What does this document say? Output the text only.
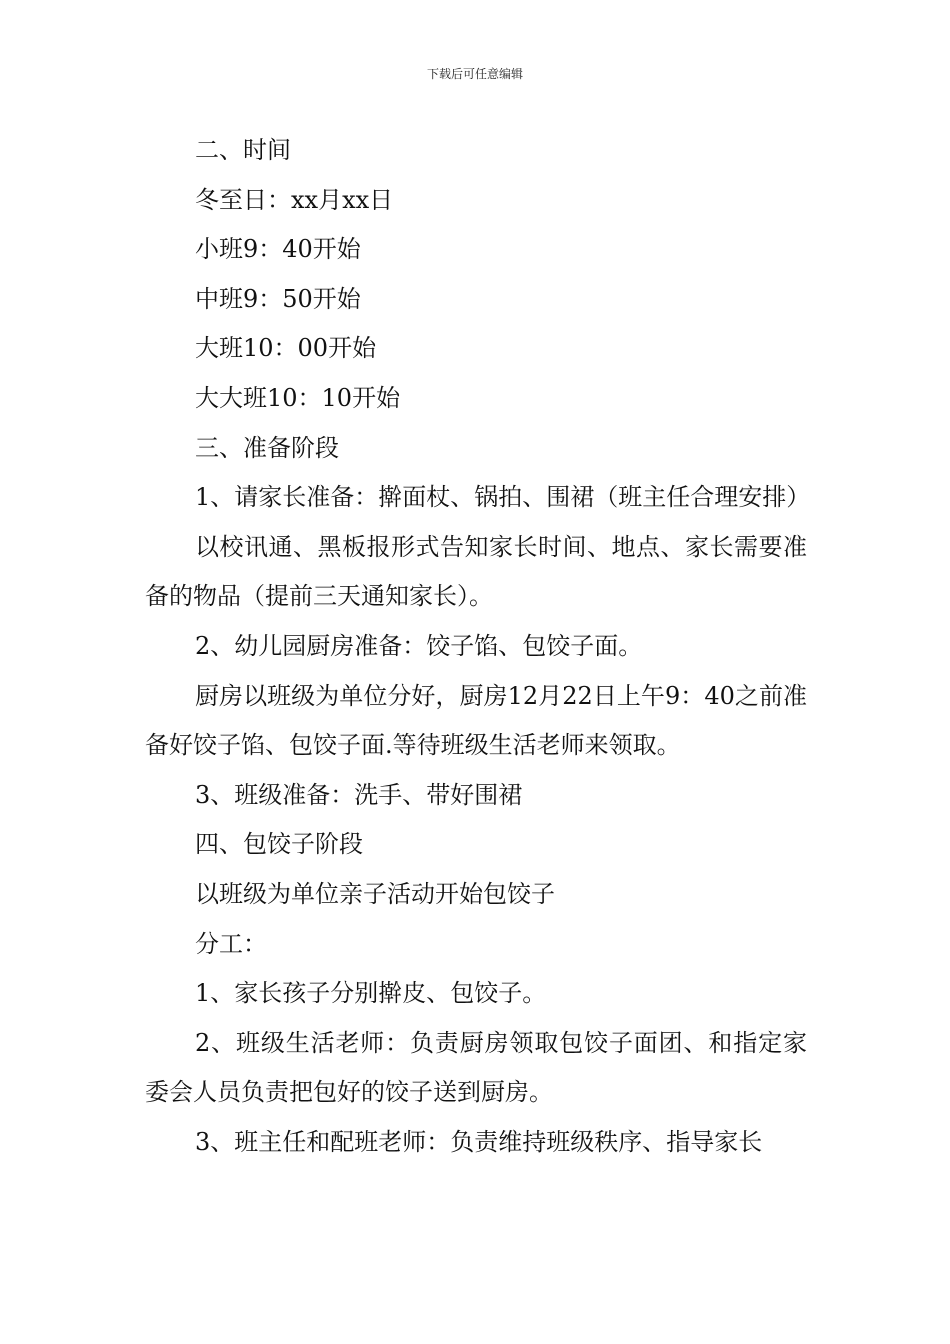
下载后可任意编辑

二、时间

冬至日：xx月xx日

小班9：40开始

中班9：50开始

大班10：00开始

大大班10：10开始

三、准备阶段

1、请家长准备：擀面杖、锅拍、围裙（班主任合理安排）

以校讯通、黑板报形式告知家长时间、地点、家长需要准备的物品（提前三天通知家长）。

2、幼儿园厨房准备：饺子馅、包饺子面。

厨房以班级为单位分好，厨房12月22日上午9：40之前准备好饺子馅、包饺子面.等待班级生活老师来领取。

3、班级准备：洗手、带好围裙

四、包饺子阶段

以班级为单位亲子活动开始包饺子

分工：

1、家长孩子分别擀皮、包饺子。

2、班级生活老师：负责厨房领取包饺子面团、和指定家委会人员负责把包好的饺子送到厨房。

3、班主任和配班老师：负责维持班级秩序、指导家长
